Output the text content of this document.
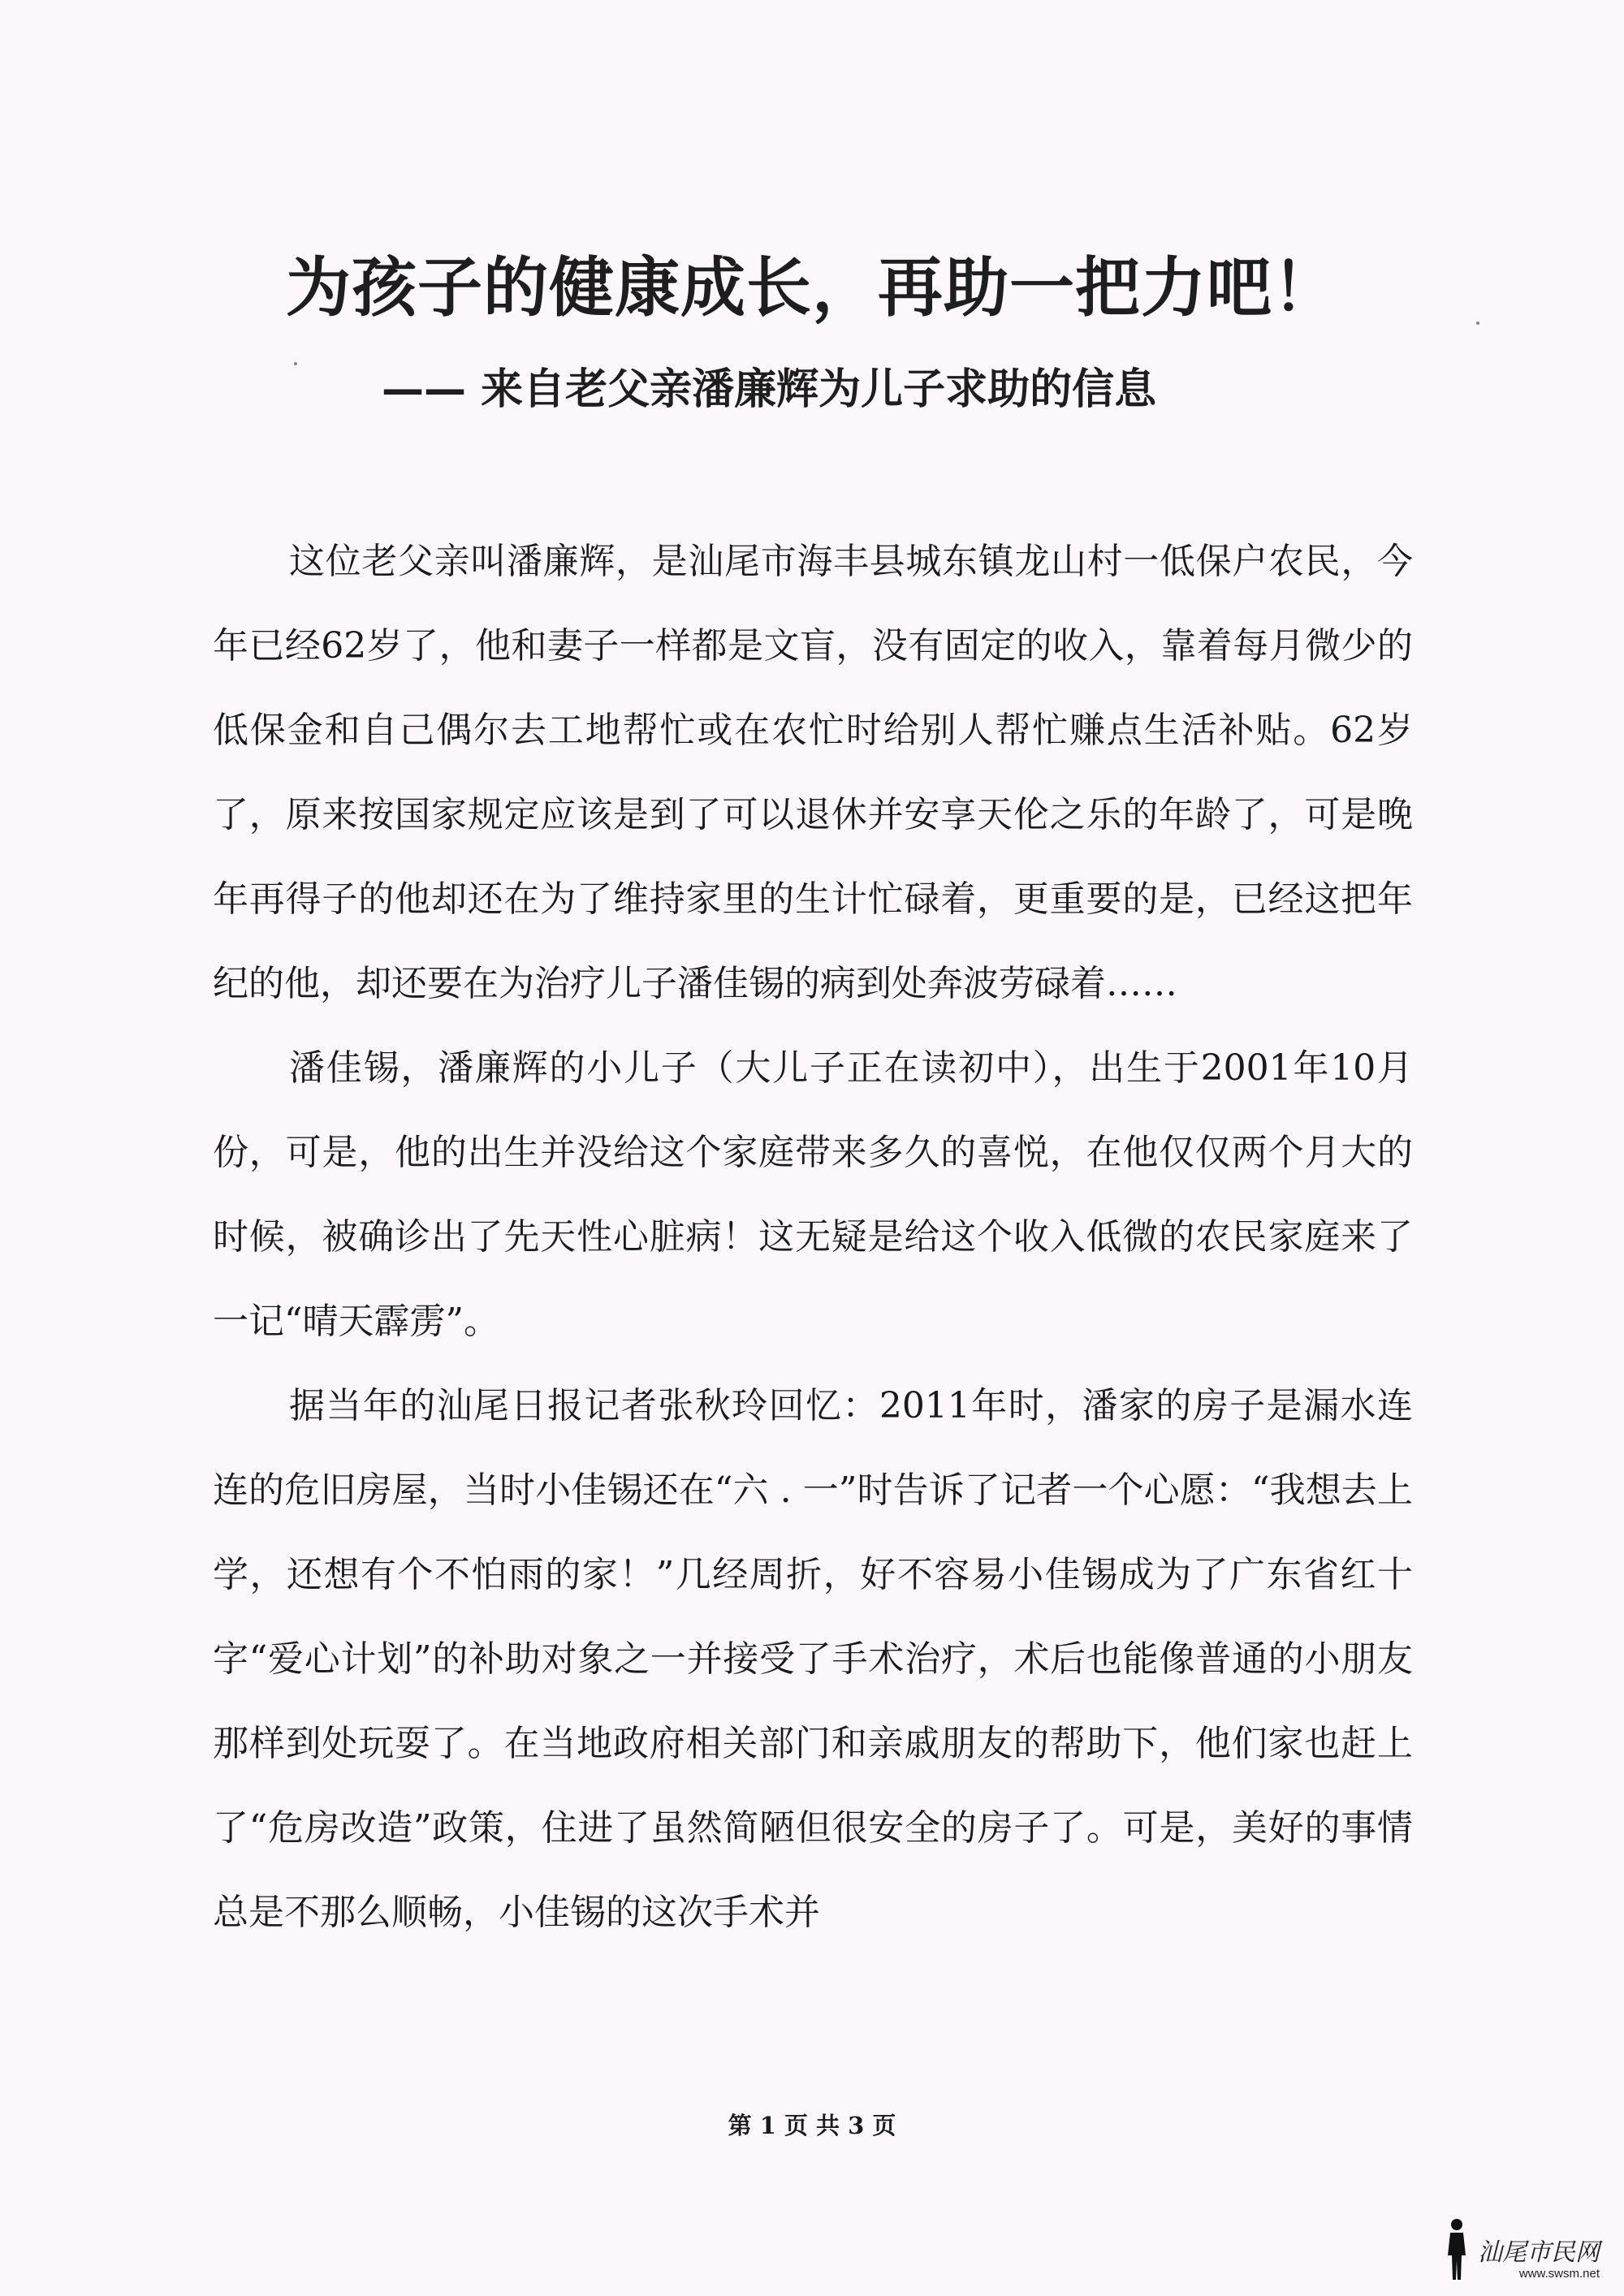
为孩子的健康成长，再助一把力吧！
—— 来自老父亲潘廉辉为儿子求助的信息

这位老父亲叫潘廉辉，是汕尾市海丰县城东镇龙山村一低保户农民，今年已经62岁了，他和妻子一样都是文盲，没有固定的收入，靠着每月微少的低保金和自己偶尔去工地帮忙或在农忙时给别人帮忙赚点生活补贴。62岁了，原来按国家规定应该是到了可以退休并安享天伦之乐的年龄了，可是晚年再得子的他却还在为了维持家里的生计忙碌着，更重要的是，已经这把年纪的他，却还要在为治疗儿子潘佳锡的病到处奔波劳碌着……

潘佳锡，潘廉辉的小儿子（大儿子正在读初中），出生于2001年10月份，可是，他的出生并没给这个家庭带来多久的喜悦，在他仅仅两个月大的时候，被确诊出了先天性心脏病！这无疑是给这个收入低微的农民家庭来了一记“晴天霹雳”。

据当年的汕尾日报记者张秋玲回忆：2011年时，潘家的房子是漏水连连的危旧房屋，当时小佳锡还在“六 . 一”时告诉了记者一个心愿：“我想去上学，还想有个不怕雨的家！”几经周折，好不容易小佳锡成为了广东省红十字“爱心计划”的补助对象之一并接受了手术治疗，术后也能像普通的小朋友那样到处玩耍了。在当地政府相关部门和亲戚朋友的帮助下，他们家也赶上了“危房改造”政策，住进了虽然简陋但很安全的房子了。可是，美好的事情总是不那么顺畅，小佳锡的这次手术并

第 1 页 共 3 页
汕尾市民网
www.swsm.net
